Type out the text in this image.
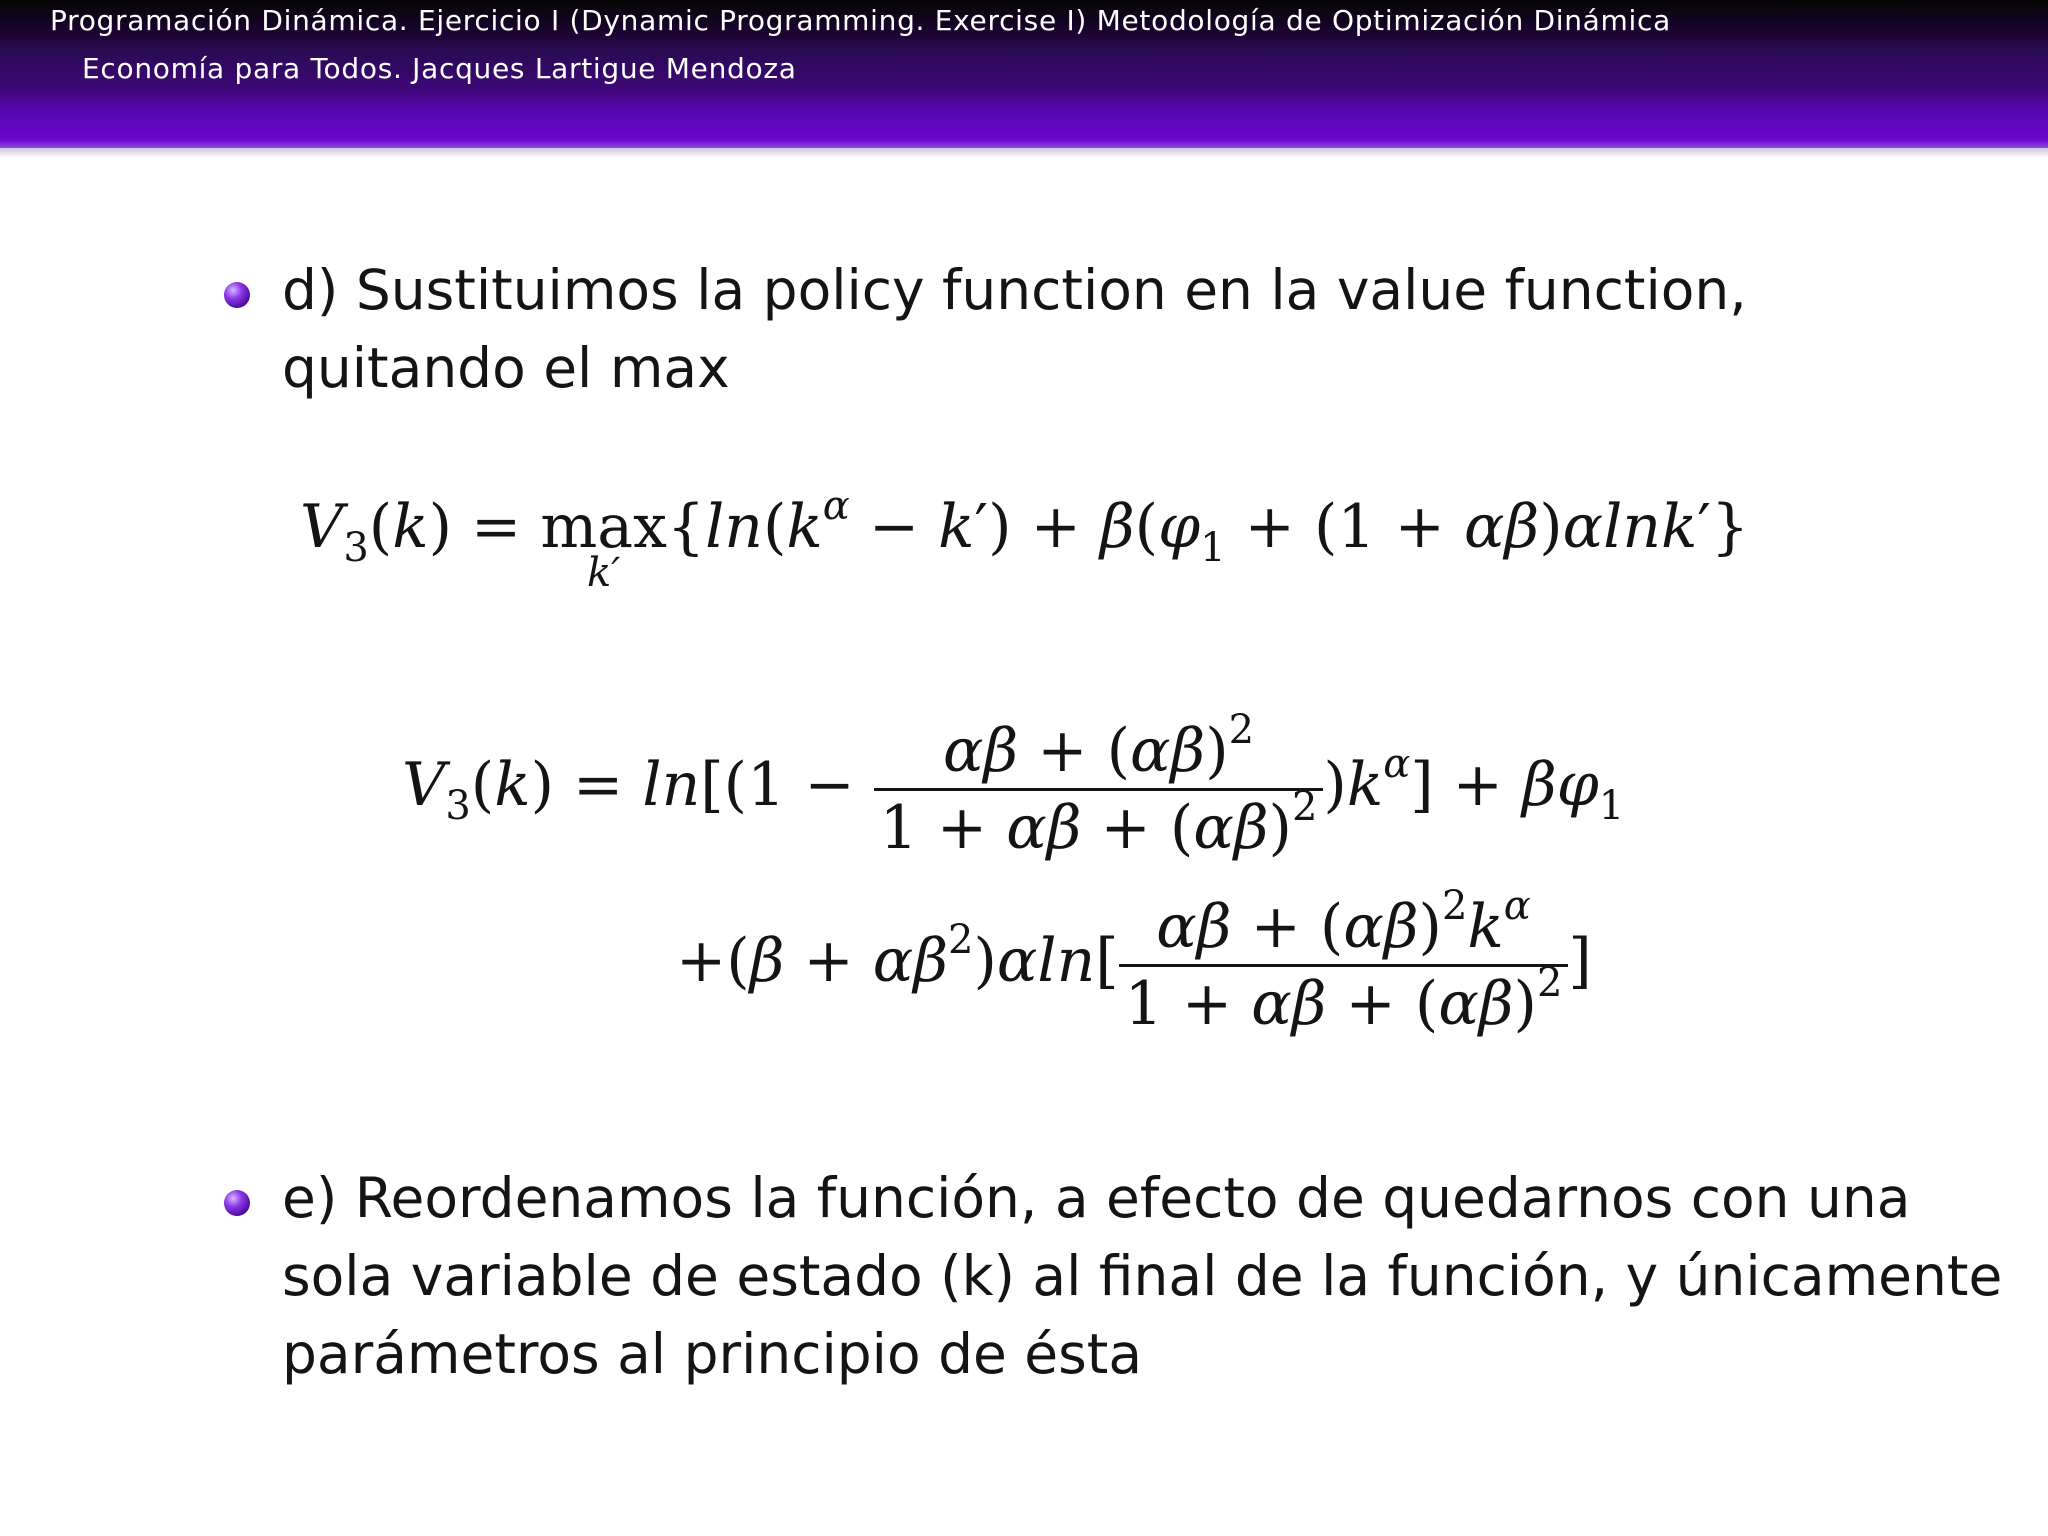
Programación Dinámica. Ejercicio I (Dynamic Programming. Exercise I) Metodología de Optimización Dinámica
Economía para Todos. Jacques Lartigue Mendoza
d) Sustituimos la policy function en la value function,
quitando el max
$V_3(k) = \max$
k′
{$\ln(k^\alpha - k') + \beta(\varphi_1 + (1 + \alpha\beta)\alpha\ln k'\}$
$V_3(k) = \ln[(1 - \frac{\alpha\beta + (\alpha\beta)^2}{1 + \alpha\beta + (\alpha\beta)^2} )k^\alpha] + \beta\varphi_1$
$+(\beta + \alpha\beta^2)\alpha\ln[ \frac{\alpha\beta + (\alpha\beta)^2k^\alpha}{1 + \alpha\beta + (\alpha\beta)^2}$ ]
e) Reordenamos la función, a efecto de quedarnos con una
sola variable de estado (k) al final de la función, y únicamente
parámetros al principio de ésta
